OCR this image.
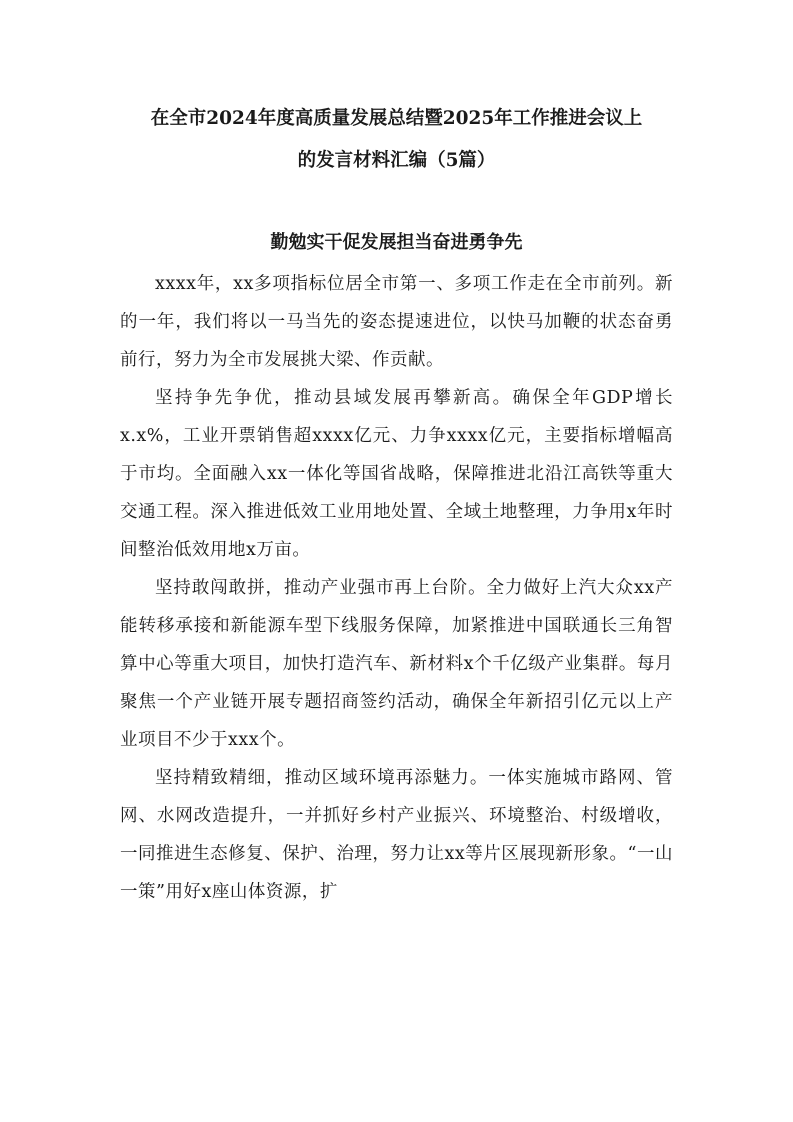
在全市2024年度高质量发展总结暨2025年工作推进会议上
的发言材料汇编（5篇）
勤勉实干促发展担当奋进勇争先

xxxx年，xx多项指标位居全市第一、多项工作走在全市前列。新的一年，我们将以一马当先的姿态提速进位，以快马加鞭的状态奋勇前行，努力为全市发展挑大梁、作贡献。

坚持争先争优，推动县域发展再攀新高。确保全年GDP增长x.x%，工业开票销售超xxxx亿元、力争xxxx亿元，主要指标增幅高于市均。全面融入xx一体化等国省战略，保障推进北沿江高铁等重大交通工程。深入推进低效工业用地处置、全域土地整理，力争用x年时间整治低效用地x万亩。

坚持敢闯敢拼，推动产业强市再上台阶。全力做好上汽大众xx产能转移承接和新能源车型下线服务保障，加紧推进中国联通长三角智算中心等重大项目，加快打造汽车、新材料x个千亿级产业集群。每月聚焦一个产业链开展专题招商签约活动，确保全年新招引亿元以上产业项目不少于xxx个。

坚持精致精细，推动区域环境再添魅力。一体实施城市路网、管网、水网改造提升，一并抓好乡村产业振兴、环境整治、村级增收，一同推进生态修复、保护、治理，努力让xx等片区展现新形象。“一山一策”用好x座山体资源，扩
